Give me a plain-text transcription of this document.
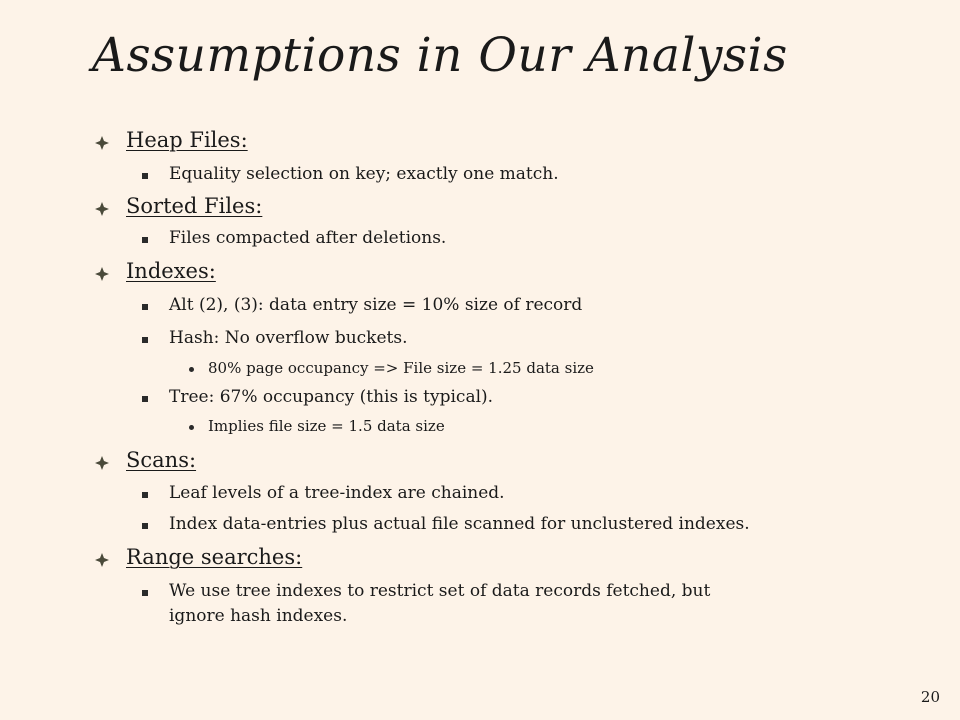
Assumptions in Our Analysis
Heap Files:
Equality selection on key; exactly one match.
Sorted Files:
Files compacted after deletions.
Indexes:
Alt (2), (3): data entry size = 10% size of record
Hash: No overflow buckets.
80% page occupancy => File size = 1.25 data size
Tree: 67% occupancy (this is typical).
Implies file size = 1.5 data size
Scans:
Leaf levels of a tree-index are chained.
Index data-entries plus actual file scanned for unclustered indexes.
Range searches:
We use tree indexes to restrict set of data records fetched, but
ignore hash indexes.
20
